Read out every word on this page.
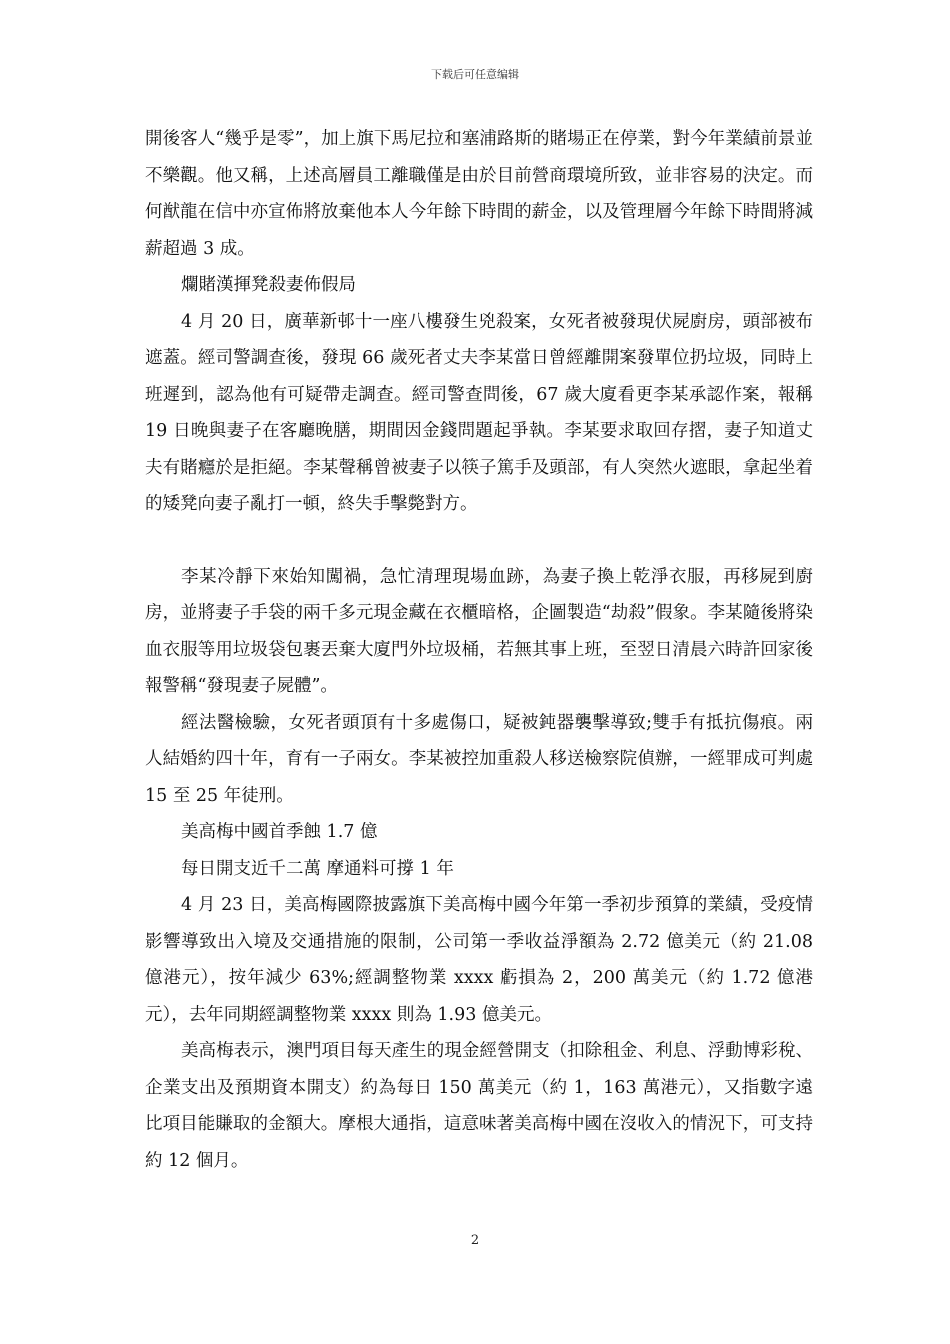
下载后可任意编辑

開後客人“幾乎是零”，加上旗下馬尼拉和塞浦路斯的賭場正在停業，對今年業績前景並不樂觀。他又稱，上述高層員工離職僅是由於目前營商環境所致，並非容易的決定。而何猷龍在信中亦宣佈將放棄他本人今年餘下時間的薪金，以及管理層今年餘下時間將減薪超過 3 成。

爛賭漢揮凳殺妻佈假局

4 月 20 日，廣華新邨十一座八樓發生兇殺案，女死者被發現伏屍廚房，頭部被布遮蓋。經司警調查後，發現 66 歲死者丈夫李某當日曾經離開案發單位扔垃圾，同時上班遲到，認為他有可疑帶走調查。經司警查問後，67 歲大廈看更李某承認作案，報稱 19 日晚與妻子在客廳晚膳，期間因金錢問題起爭執。李某要求取回存摺，妻子知道丈夫有賭癮於是拒絕。李某聲稱曾被妻子以筷子篤手及頭部，有人突然火遮眼，拿起坐着的矮凳向妻子亂打一頓，終失手擊斃對方。

李某冷靜下來始知闖禍，急忙清理現場血跡，為妻子換上乾淨衣服，再移屍到廚房，並將妻子手袋的兩千多元現金藏在衣櫃暗格，企圖製造“劫殺”假象。李某隨後將染血衣服等用垃圾袋包裹丟棄大廈門外垃圾桶，若無其事上班，至翌日清晨六時許回家後報警稱“發現妻子屍體”。

經法醫檢驗，女死者頭頂有十多處傷口，疑被鈍器襲擊導致;雙手有抵抗傷痕。兩人結婚約四十年，育有一子兩女。李某被控加重殺人移送檢察院偵辦，一經罪成可判處 15 至 25 年徒刑。

美高梅中國首季蝕 1.7 億

每日開支近千二萬 摩通料可撐 1 年

4 月 23 日，美高梅國際披露旗下美高梅中國今年第一季初步預算的業績，受疫情影響導致出入境及交通措施的限制，公司第一季收益淨額為 2.72 億美元（約 21.08 億港元），按年減少 63%;經調整物業 xxxx 虧損為 2，200 萬美元（約 1.72 億港元），去年同期經調整物業 xxxx 則為 1.93 億美元。

美高梅表示，澳門項目每天產生的現金經營開支（扣除租金、利息、浮動博彩稅、企業支出及預期資本開支）約為每日 150 萬美元（約 1，163 萬港元），又指數字遠比項目能賺取的金額大。摩根大通指，這意味著美高梅中國在沒收入的情況下，可支持約 12 個月。

2
